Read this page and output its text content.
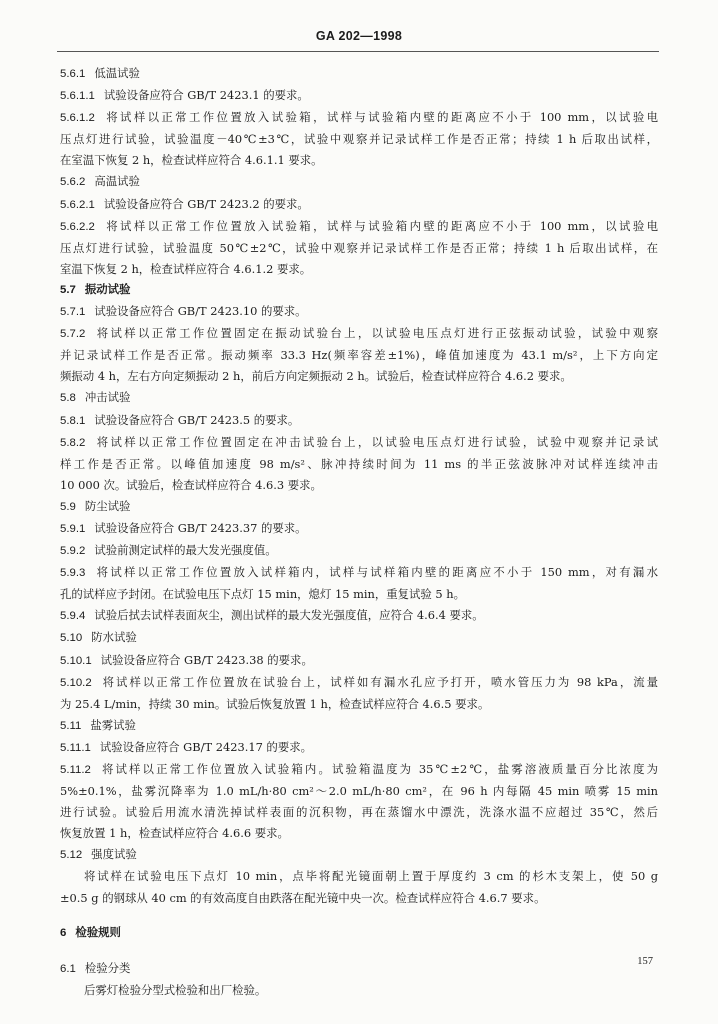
GA 202—1998
5.6.1 低温试验
5.6.1.1 试验设备应符合 GB/T 2423.1 的要求。
5.6.1.2 将试样以正常工作位置放入试验箱，试样与试验箱内壁的距离应不小于 100 mm，以试验电
压点灯进行试验，试验温度－40℃±3℃，试验中观察并记录试样工作是否正常；持续 1 h 后取出试样，
在室温下恢复 2 h，检查试样应符合 4.6.1.1 要求。
5.6.2 高温试验
5.6.2.1 试验设备应符合 GB/T 2423.2 的要求。
5.6.2.2 将试样以正常工作位置放入试验箱，试样与试验箱内壁的距离应不小于 100 mm，以试验电
压点灯进行试验，试验温度 50℃±2℃，试验中观察并记录试样工作是否正常；持续 1 h 后取出试样，在
室温下恢复 2 h，检查试样应符合 4.6.1.2 要求。
5.7 振动试验
5.7.1 试验设备应符合 GB/T 2423.10 的要求。
5.7.2 将试样以正常工作位置固定在振动试验台上，以试验电压点灯进行正弦振动试验，试验中观察
并记录试样工作是否正常。振动频率 33.3 Hz(频率容差±1%)，峰值加速度为 43.1 m/s²，上下方向定
频振动 4 h，左右方向定频振动 2 h，前后方向定频振动 2 h。试验后，检查试样应符合 4.6.2 要求。
5.8 冲击试验
5.8.1 试验设备应符合 GB/T 2423.5 的要求。
5.8.2 将试样以正常工作位置固定在冲击试验台上，以试验电压点灯进行试验，试验中观察并记录试
样工作是否正常。以峰值加速度 98 m/s²、脉冲持续时间为 11 ms 的半正弦波脉冲对试样连续冲击
10 000 次。试验后，检查试样应符合 4.6.3 要求。
5.9 防尘试验
5.9.1 试验设备应符合 GB/T 2423.37 的要求。
5.9.2 试验前测定试样的最大发光强度值。
5.9.3 将试样以正常工作位置放入试样箱内，试样与试样箱内壁的距离应不小于 150 mm，对有漏水
孔的试样应予封闭。在试验电压下点灯 15 min，熄灯 15 min，重复试验 5 h。
5.9.4 试验后拭去试样表面灰尘，测出试样的最大发光强度值，应符合 4.6.4 要求。
5.10 防水试验
5.10.1 试验设备应符合 GB/T 2423.38 的要求。
5.10.2 将试样以正常工作位置放在试验台上，试样如有漏水孔应予打开，喷水管压力为 98 kPa，流量
为 25.4 L/min，持续 30 min。试验后恢复放置 1 h，检查试样应符合 4.6.5 要求。
5.11 盐雾试验
5.11.1 试验设备应符合 GB/T 2423.17 的要求。
5.11.2 将试样以正常工作位置放入试验箱内。试验箱温度为 35℃±2℃，盐雾溶液质量百分比浓度为
5%±0.1%，盐雾沉降率为 1.0 mL/h·80 cm²～2.0 mL/h·80 cm²，在 96 h 内每隔 45 min 喷雾 15 min
进行试验。试验后用流水清洗掉试样表面的沉积物，再在蒸馏水中漂洗，洗涤水温不应超过 35℃，然后
恢复放置 1 h，检查试样应符合 4.6.6 要求。
5.12 强度试验
将试样在试验电压下点灯 10 min，点毕将配光镜面朝上置于厚度约 3 cm 的杉木支架上，使 50 g
±0.5 g 的钢球从 40 cm 的有效高度自由跌落在配光镜中央一次。检查试样应符合 4.6.7 要求。
6 检验规则
6.1 检验分类
后雾灯检验分型式检验和出厂检验。
157
